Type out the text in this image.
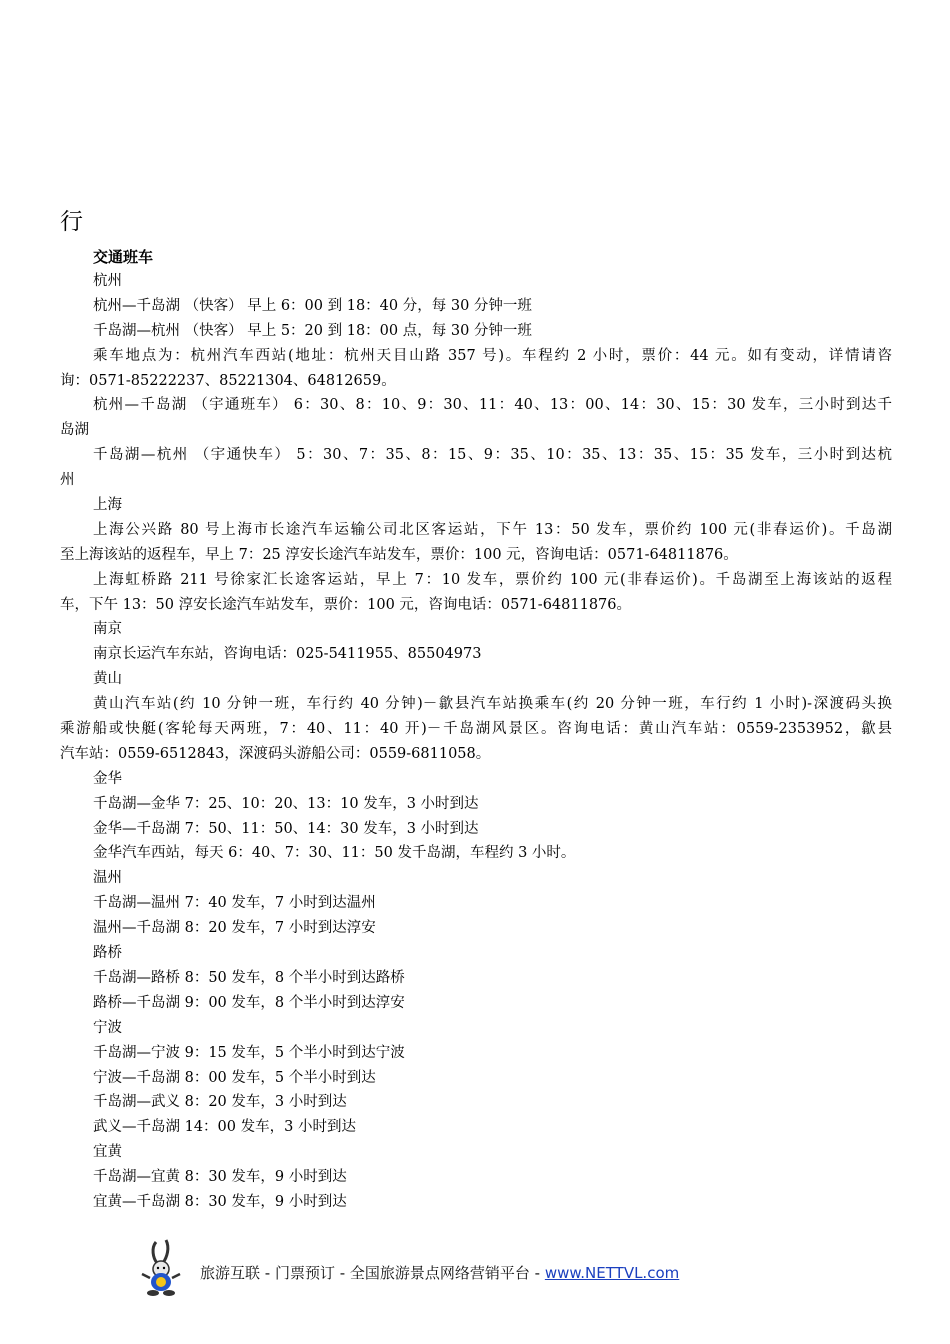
行
交通班车
杭州
杭州—千岛湖 （快客） 早上 6：00 到 18：40 分，每 30 分钟一班
千岛湖—杭州 （快客） 早上 5：20 到 18：00 点，每 30 分钟一班
乘车地点为：杭州汽车西站(地址：杭州天目山路 357 号)。车程约 2 小时，票价：44 元。如有变动，详情请咨
询：0571-85222237、85221304、64812659。
杭州—千岛湖 （宇通班车） 6：30、8：10、9：30、11：40、13：00、14：30、15：30 发车，三小时到达千
岛湖
千岛湖—杭州 （宇通快车） 5：30、7：35、8：15、9：35、10：35、13：35、15：35 发车，三小时到达杭
州
上海
上海公兴路 80 号上海市长途汽车运输公司北区客运站，下午 13：50 发车，票价约 100 元(非春运价)。千岛湖
至上海该站的返程车，早上 7：25 淳安长途汽车站发车，票价：100 元，咨询电话：0571-64811876。
上海虹桥路 211 号徐家汇长途客运站，早上 7：10 发车，票价约 100 元(非春运价)。千岛湖至上海该站的返程
车，下午 13：50 淳安长途汽车站发车，票价：100 元，咨询电话：0571-64811876。
南京
南京长运汽车东站，咨询电话：025-5411955、85504973
黄山
黄山汽车站(约 10 分钟一班，车行约 40 分钟)－歙县汽车站换乘车(约 20 分钟一班，车行约 1 小时)-深渡码头换
乘游船或快艇(客轮每天两班，7：40、11：40 开)－千岛湖风景区。咨询电话：黄山汽车站：0559-2353952，歙县
汽车站：0559-6512843，深渡码头游船公司：0559-6811058。
金华
千岛湖—金华 7：25、10：20、13：10 发车，3 小时到达
金华—千岛湖 7：50、11：50、14：30 发车，3 小时到达
金华汽车西站，每天 6：40、7：30、11：50 发千岛湖，车程约 3 小时。
温州
千岛湖—温州 7：40 发车，7 小时到达温州
温州—千岛湖 8：20 发车，7 小时到达淳安
路桥
千岛湖—路桥 8：50 发车，8 个半小时到达路桥
路桥—千岛湖 9：00 发车，8 个半小时到达淳安
宁波
千岛湖—宁波 9：15 发车，5 个半小时到达宁波
宁波—千岛湖 8：00 发车，5 个半小时到达
千岛湖—武义 8：20 发车，3 小时到达
武义—千岛湖 14：00 发车，3 小时到达
宜黄
千岛湖—宜黄 8：30 发车，9 小时到达
宜黄—千岛湖 8：30 发车，9 小时到达
旅游互联 - 门票预订 - 全国旅游景点网络营销平台 - www.NETTVL.com
